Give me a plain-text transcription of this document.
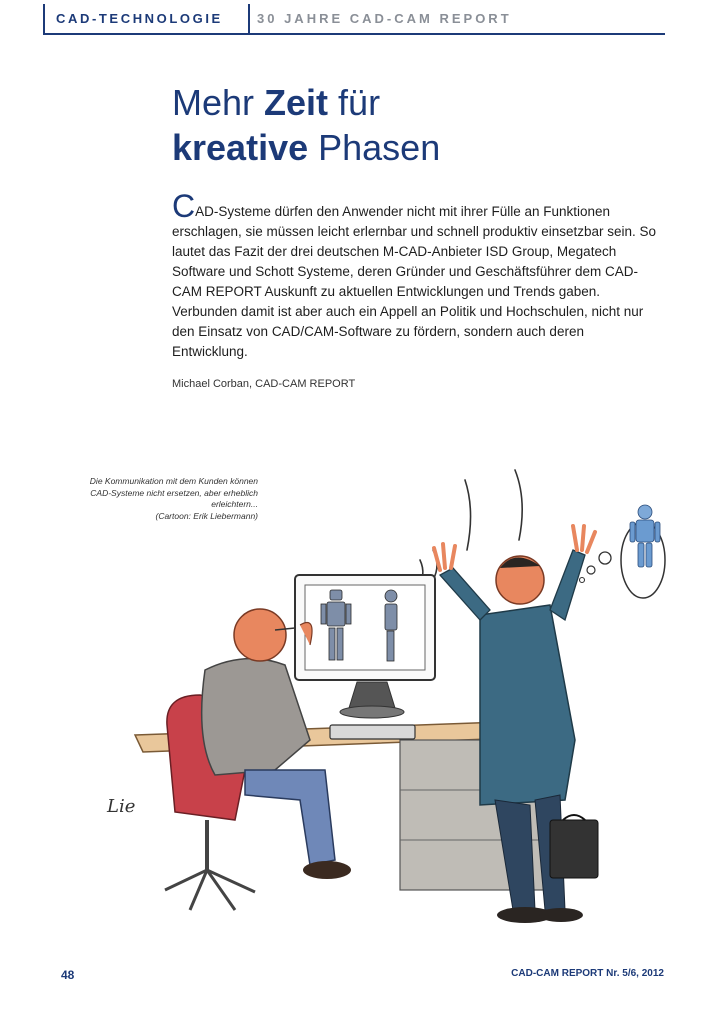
CAD-TECHNOLOGIE	30 JAHRE CAD-CAM REPORT
Mehr Zeit für
kreative Phasen

CAD-Systeme dürfen den Anwender nicht mit ihrer Fülle an Funktionen erschlagen, sie müssen leicht erlernbar und schnell produktiv einsetzbar sein. So lautet das Fazit der drei deutschen M-CAD-Anbieter ISD Group, Megatech Software und Schott Systeme, deren Gründer und Geschäftsführer dem CAD-CAM REPORT Auskunft zu aktuellen Entwicklungen und Trends gaben. Verbunden damit ist aber auch ein Appell an Politik und Hochschulen, nicht nur den Einsatz von CAD/CAM-Software zu fördern, sondern auch deren Entwicklung.

Michael Corban, CAD-CAM REPORT
Die Kommunikation mit dem Kunden können
CAD-Systeme nicht ersetzen, aber erheblich
erleichtern...
(Cartoon: Erik Liebermann)
Lie
48	CAD-CAM REPORT Nr. 5/6, 2012
